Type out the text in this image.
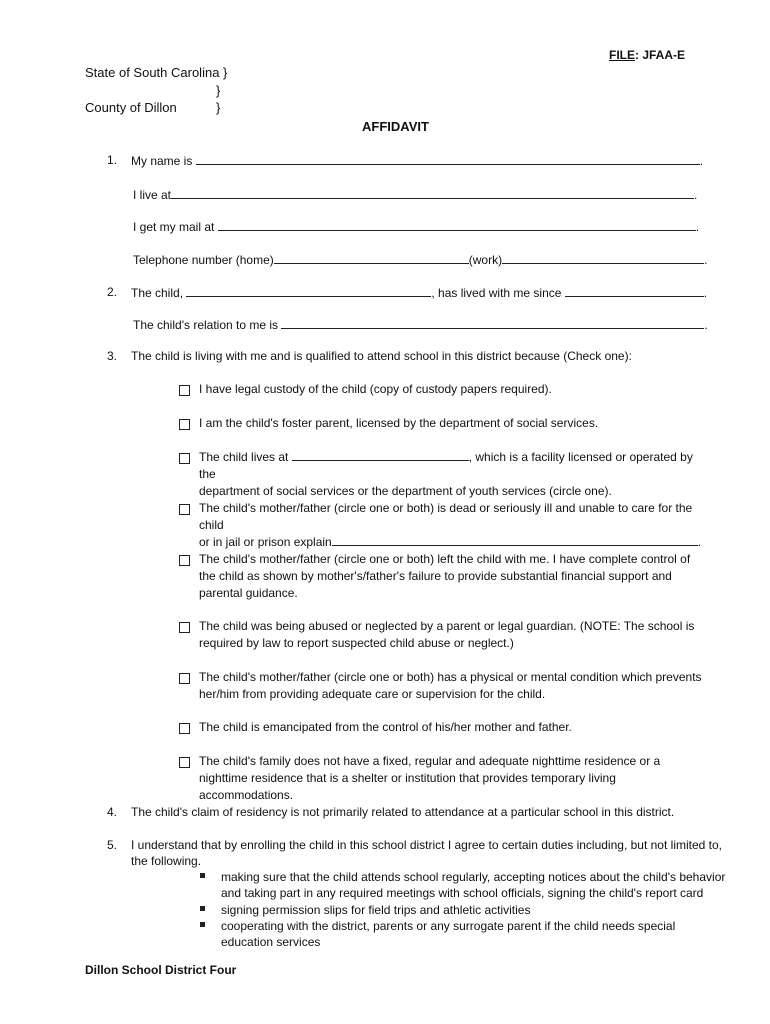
FILE: JFAA-E
State of South Carolina }
}
County of Dillon	}
AFFIDAVIT
1. My name is	.
I live at	.
I get my mail at	.
Telephone number (home)	(work)	.
2. The child,	, has lived with me since	.
The child's relation to me is	.
3. The child is living with me and is qualified to attend school in this district because (Check one):
I have legal custody of the child (copy of custody papers required).
I am the child's foster parent, licensed by the department of social services.
The child lives at	, which is a facility licensed or operated by the
department of social services or the department of youth services (circle one).
The child's mother/father (circle one or both) is dead or seriously ill and unable to care for the child
or in jail or prison explain	.
The child's mother/father (circle one or both) left the child with me. I have complete control of the child as shown by mother's/father's failure to provide substantial financial support and parental guidance.
The child was being abused or neglected by a parent or legal guardian. (NOTE: The school is required by law to report suspected child abuse or neglect.)
The child's mother/father (circle one or both) has a physical or mental condition which prevents her/him from providing adequate care or supervision for the child.
The child is emancipated from the control of his/her mother and father.
The child's family does not have a fixed, regular and adequate nighttime residence or a nighttime residence that is a shelter or institution that provides temporary living accommodations.
4. The child's claim of residency is not primarily related to attendance at a particular school in this district.
5. I understand that by enrolling the child in this school district I agree to certain duties including, but not limited to,
the following.
making sure that the child attends school regularly, accepting notices about the child's behavior
and taking part in any required meetings with school officials, signing the child's report card
signing permission slips for field trips and athletic activities
cooperating with the district, parents or any surrogate parent if the child needs special
education services
Dillon School District Four
